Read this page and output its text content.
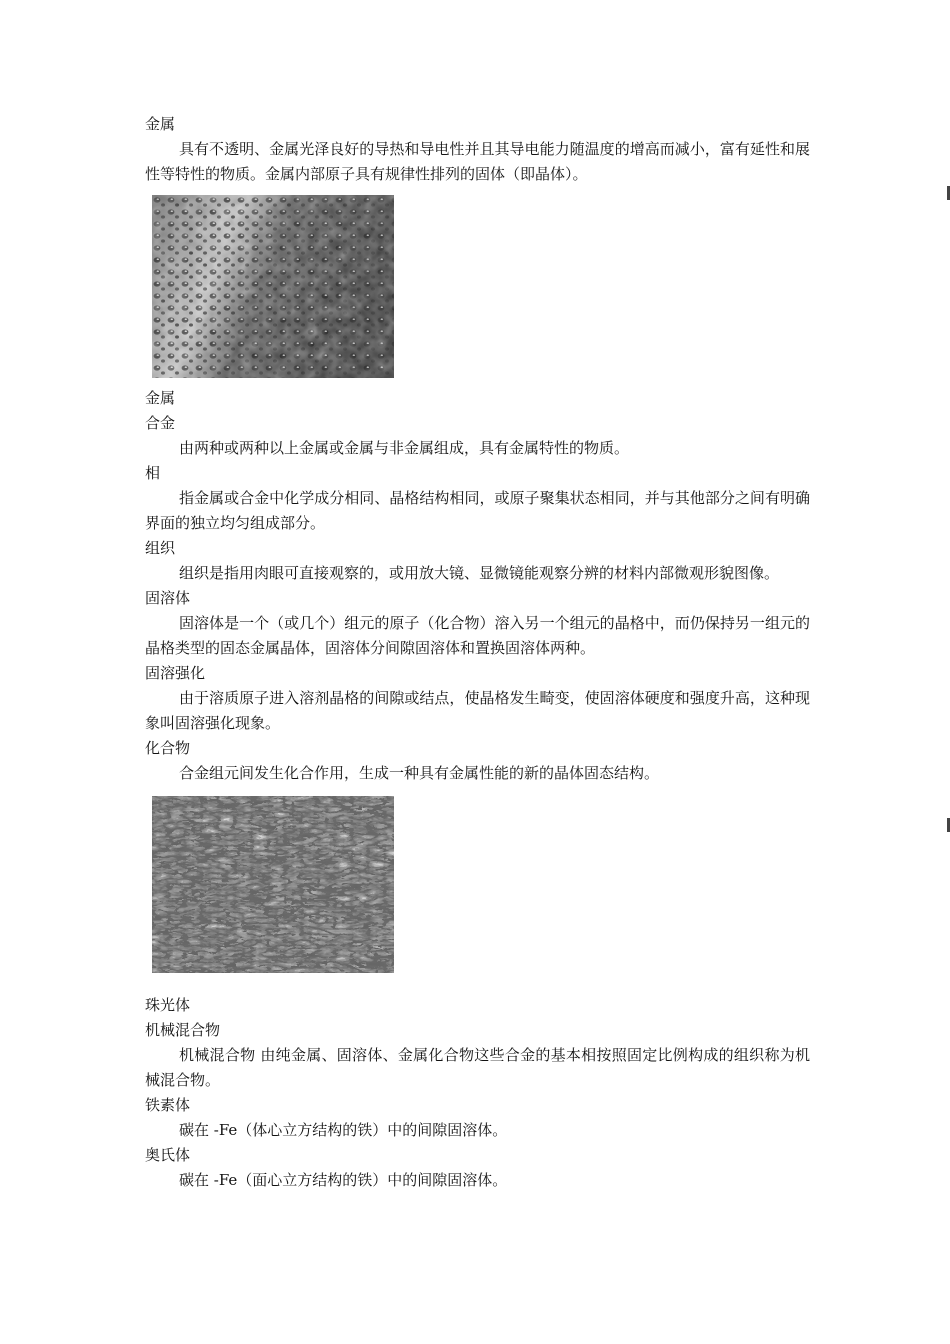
金属

具有不透明、金属光泽良好的导热和导电性并且其导电能力随温度的增高而减小，富有延性和展性等特性的物质。金属内部原子具有规律性排列的固体（即晶体）。

金属

合金

由两种或两种以上金属或金属与非金属组成，具有金属特性的物质。

相

指金属或合金中化学成分相同、晶格结构相同，或原子聚集状态相同，并与其他部分之间有明确界面的独立均匀组成部分。

组织

组织是指用肉眼可直接观察的，或用放大镜、显微镜能观察分辨的材料内部微观形貌图像。

固溶体

固溶体是一个（或几个）组元的原子（化合物）溶入另一个组元的晶格中，而仍保持另一组元的晶格类型的固态金属晶体，固溶体分间隙固溶体和置换固溶体两种。

固溶强化

由于溶质原子进入溶剂晶格的间隙或结点，使晶格发生畸变，使固溶体硬度和强度升高，这种现象叫固溶强化现象。

化合物

合金组元间发生化合作用，生成一种具有金属性能的新的晶体固态结构。

珠光体

机械混合物

机械混合物 由纯金属、固溶体、金属化合物这些合金的基本相按照固定比例构成的组织称为机械混合物。

铁素体

碳在 -Fe（体心立方结构的铁）中的间隙固溶体。

奥氏体

碳在 -Fe（面心立方结构的铁）中的间隙固溶体。
